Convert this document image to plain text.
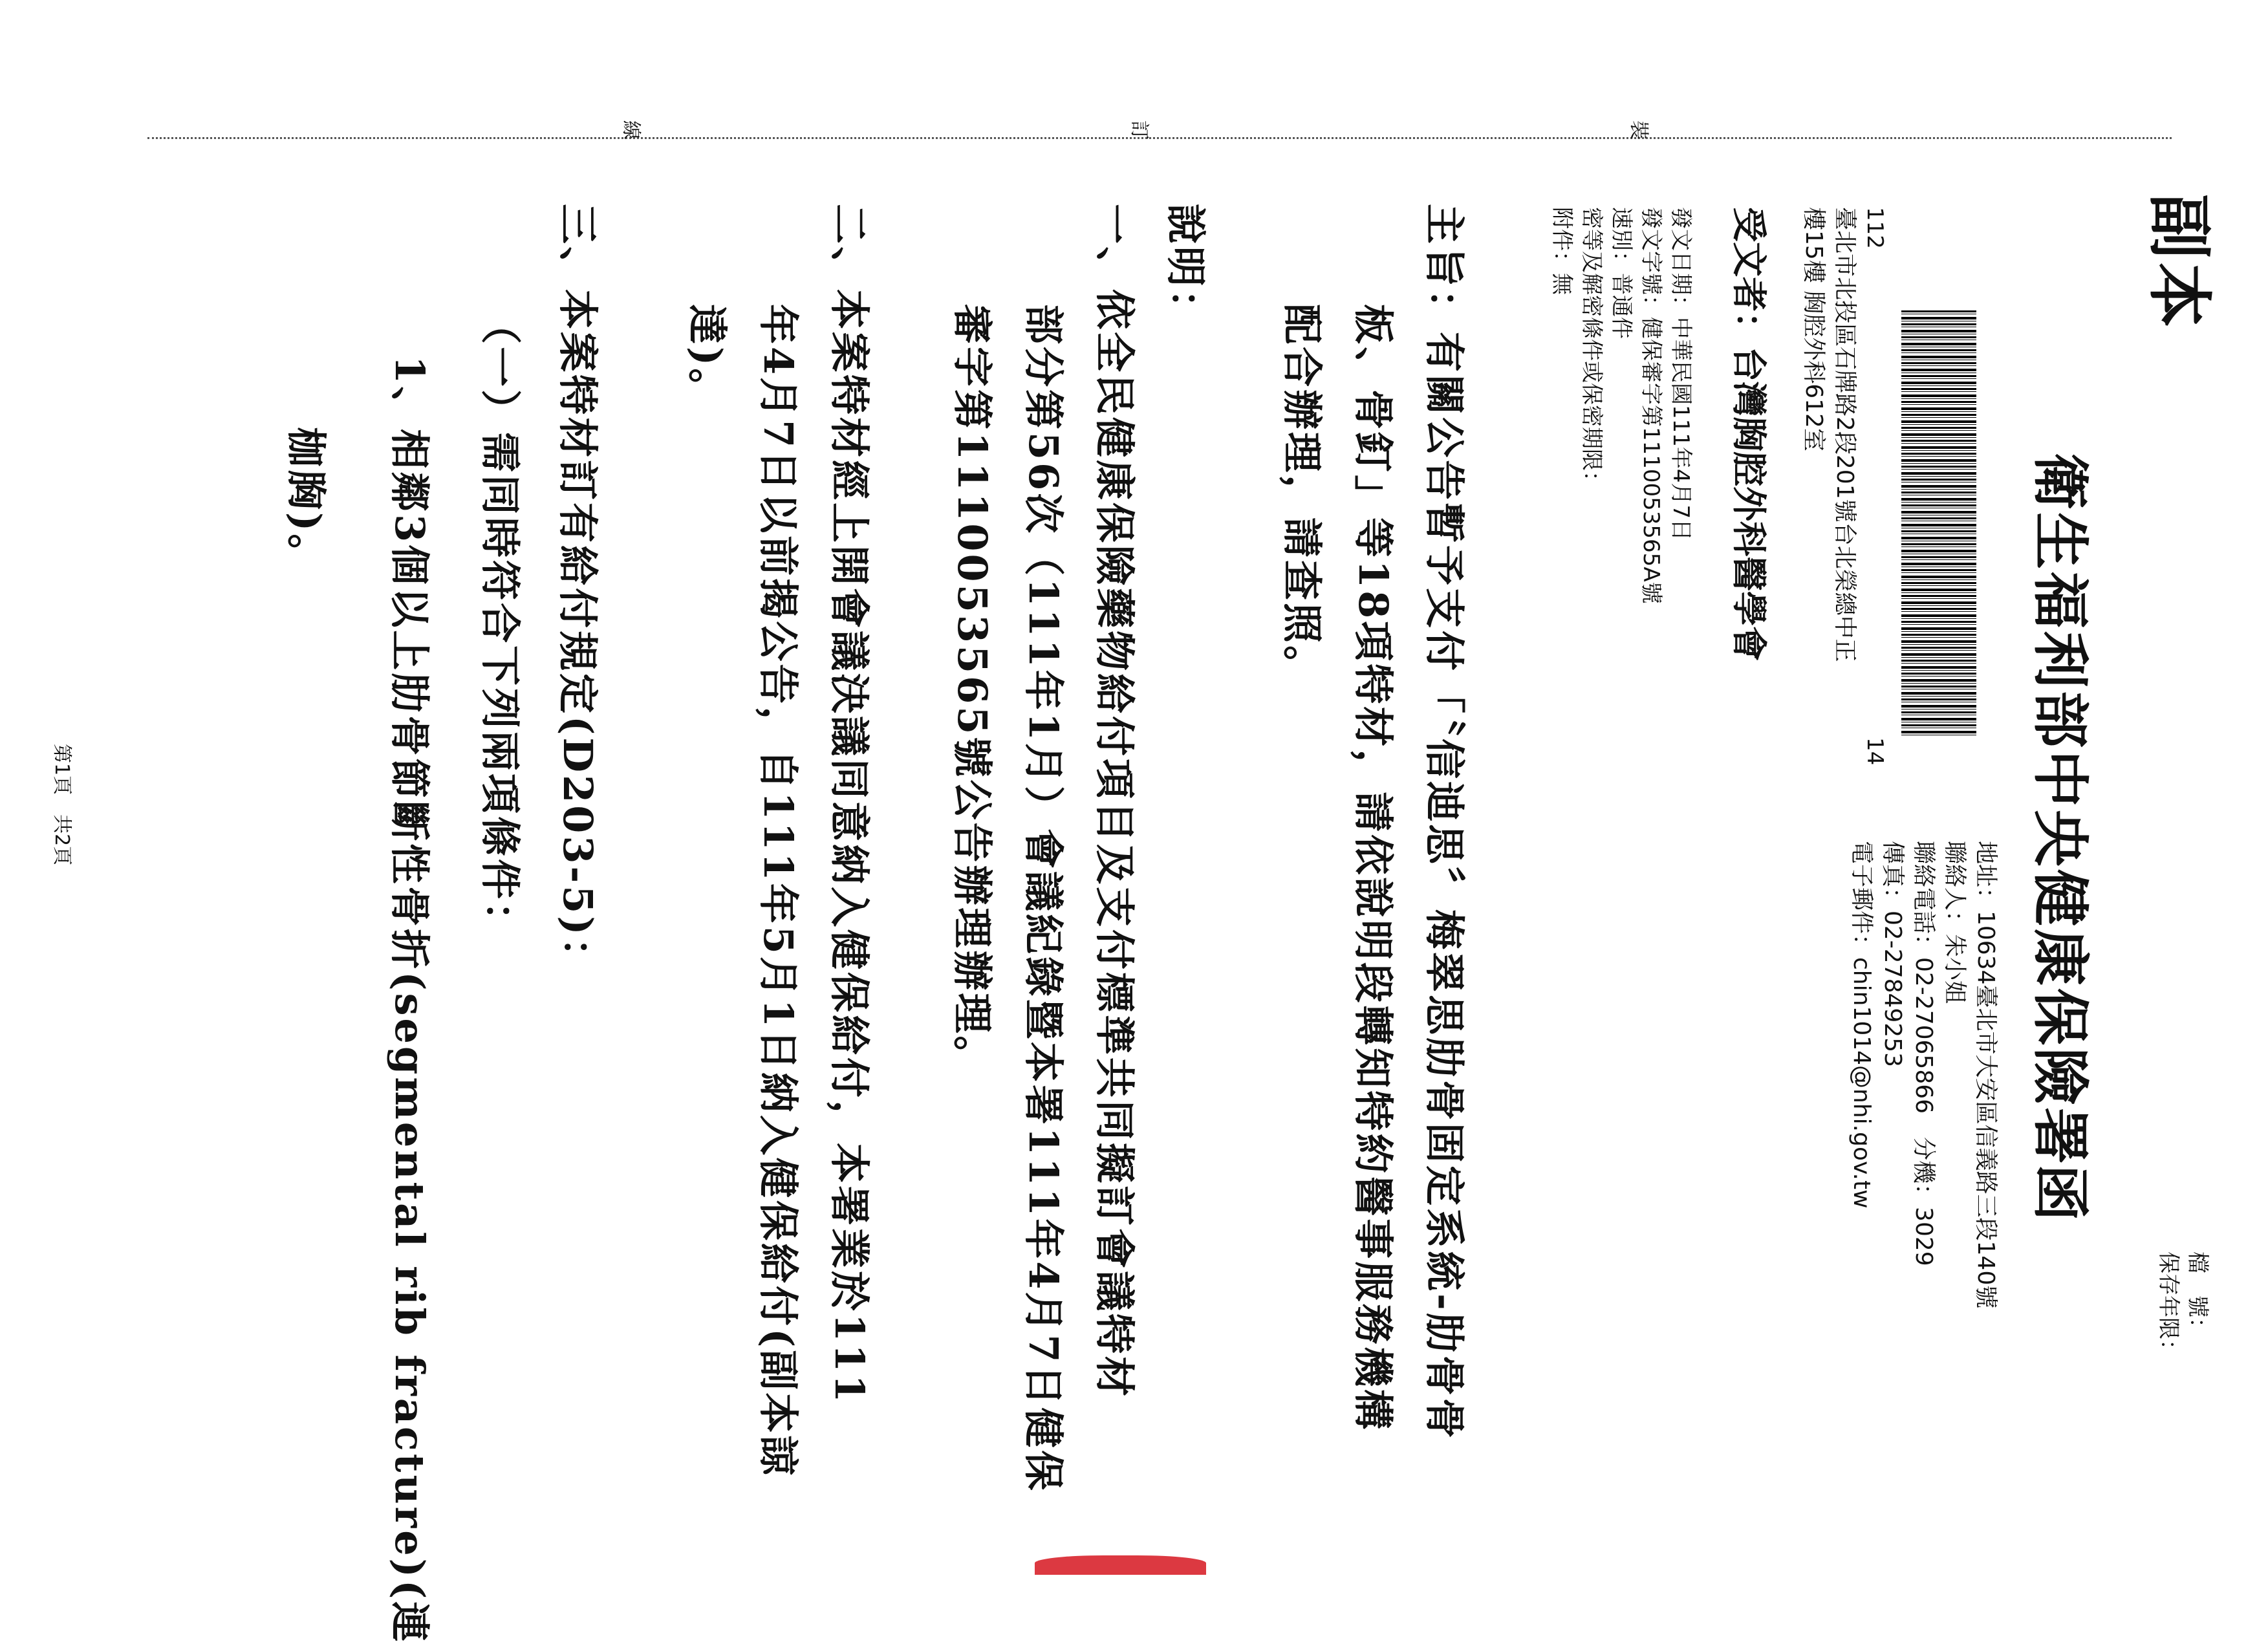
裝
訂
線
副本
衛生福利部中央健康保險署
函
檔　號：
保存年限：
地址：10634臺北市大安區信義路三段140號
聯絡人：朱小姐
聯絡電話：02-27065866　分機：3029
傳真：02-27849253
電子郵件：chin1014@nhi.gov.tw
112
14
臺北市北投區石牌路2段201號台北榮總中正
樓15樓 胸腔外科612室
受文者：台灣胸腔外科醫學會
發文日期：中華民國111年4月7日
發文字號：健保審字第1110053565A號
速別：普通件
密等及解密條件或保密期限：
附件：無
主旨：有關公告暫予支付「〝信迪思〞梅翠思肋骨固定系統-肋骨骨
板、骨釘」等18項特材，請依說明段轉知特約醫事服務機構
配合辦理，請查照。
說明：
一、依全民健康保險藥物給付項目及支付標準共同擬訂會議特材
部分第56次（111年1月）會議紀錄暨本署111年4月7日健保
審字第1110053565號公告辦理辦理。
二、本案特材經上開會議決議同意納入健保給付，本署業於111
年4月7日以前揭公告，自111年5月1日納入健保給付(副本諒
達)。
三、本案特材訂有給付規定(D203-5)：
（一）需同時符合下列兩項條件：
1、相鄰3個以上肋骨節斷性骨折(segmental rib fracture)(連
枷胸)。
第1頁　共2頁
